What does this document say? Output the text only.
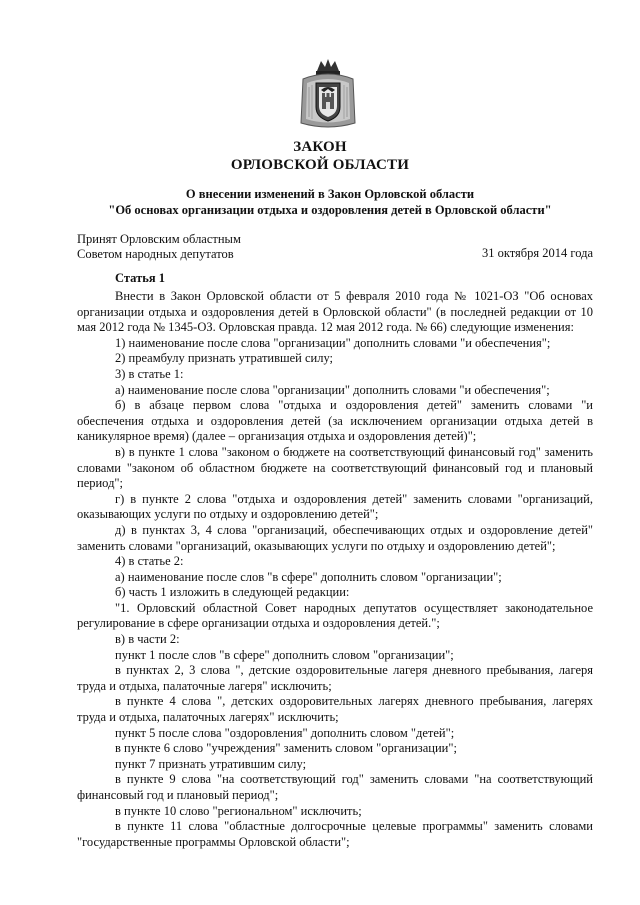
ЗАКОН
ОРЛОВСКОЙ ОБЛАСТИ
О внесении изменений в Закон Орловской области
"Об основах организации отдыха и оздоровления детей в Орловской области"
Принят Орловским областным
Советом народных депутатов	31 октября 2014 года
Статья 1

Внести в Закон Орловской области от 5 февраля 2010 года № 1021-ОЗ "Об основах организации отдыха и оздоровления детей в Орловской области" (в последней редакции от 10 мая 2012 года № 1345-ОЗ. Орловская правда. 12 мая 2012 года. № 66) следующие изменения:

1) наименование после слова "организации" дополнить словами "и обеспечения";

2) преамбулу признать утратившей силу;

3) в статье 1:

а) наименование после слова "организации" дополнить словами "и обеспечения";

б) в абзаце первом слова "отдыха и оздоровления детей" заменить словами "и обеспечения отдыха и оздоровления детей (за исключением организации отдыха детей в каникулярное время) (далее – организация отдыха и оздоровления детей)";

в) в пункте 1 слова "законом о бюджете на соответствующий финансовый год" заменить словами "законом об областном бюджете на соответствующий финансовый год и плановый период";

г) в пункте 2 слова "отдыха и оздоровления детей" заменить словами "организаций, оказывающих услуги по отдыху и оздоровлению детей";

д) в пунктах 3, 4 слова "организаций, обеспечивающих отдых и оздоровление детей" заменить словами "организаций, оказывающих услуги по отдыху и оздоровлению детей";

4) в статье 2:

а) наименование после слов "в сфере" дополнить словом "организации";

б) часть 1 изложить в следующей редакции:

"1. Орловский областной Совет народных депутатов осуществляет законодательное регулирование в сфере организации отдыха и оздоровления детей.";

в) в части 2:

пункт 1 после слов "в сфере" дополнить словом "организации";

в пунктах 2, 3 слова ", детские оздоровительные лагеря дневного пребывания, лагеря труда и отдыха, палаточные лагеря" исключить;

в пункте 4 слова ", детских оздоровительных лагерях дневного пребывания, лагерях труда и отдыха, палаточных лагерях" исключить;

пункт 5 после слова "оздоровления" дополнить словом "детей";

в пункте 6 слово "учреждения" заменить словом "организации";

пункт 7 признать утратившим силу;

в пункте 9 слова "на соответствующий год" заменить словами "на соответствующий финансовый год и плановый период";

в пункте 10 слово "региональном" исключить;

в пункте 11 слова "областные долгосрочные целевые программы" заменить словами "государственные программы Орловской области";
